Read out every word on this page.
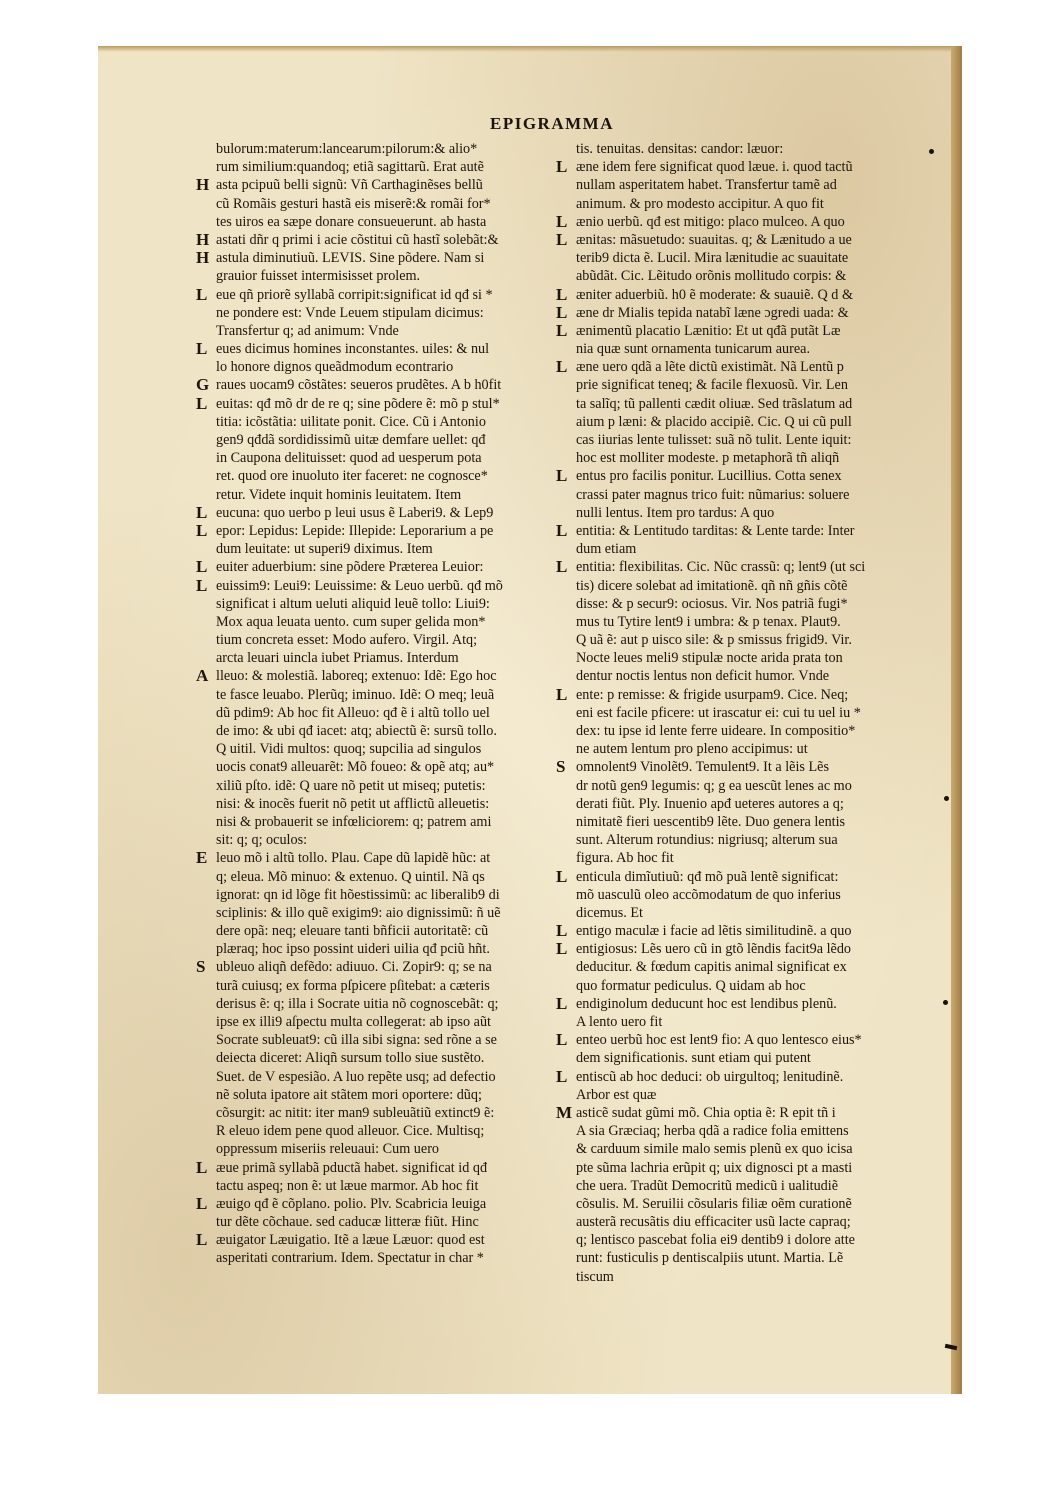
EPIGRAMMA
bulorum:materum:lancearum:pilorum:& alio*
rum similium:quandoq; etiã sagittarũ. Erat autẽ
H asta pcipuũ belli signũ: Vñ Carthaginẽses bellũ
cũ Romãis gesturi hastã eis miserẽ:& romãi for*
tes uiros ea sæpe donare consueuerunt. ab hasta
H astati dñr q primi i acie cõstitui cũ hastĩ solebãt:&
H astula diminutiuũ. LEVIS. Sine põdere. Nam si
grauior fuisset intermisisset prolem.
L eue qñ priorẽ syllabã corripit:significat id qđ si *
ne pondere est: Vnde Leuem stipulam dicimus:
Transfertur q; ad animum: Vnde
L eues dicimus homines inconstantes. uiles: & nul
lo honore dignos queãdmodum econtrario
G raues uocam9 cõstãtes: seueros prudẽtes. A b h0fit
L euitas: qđ mõ dr de re q; sine põdere ẽ: mõ p stul*
titia: icõstãtia: uilitate ponit. Cice. Cũ i Antonio
gen9 qđdã sordidissimũ uitæ demfare uellet: qđ
in Caupona delituisset: quod ad uesperum pota
ret. quod ore inuoluto iter faceret: ne cognosce*
retur. Videte inquit hominis leuitatem. Item
L eucuna: quo uerbo p leui usus ẽ Laberi9. & Lep9
L epor: Lepidus: Lepide: Illepide: Leporarium a pe
dum leuitate: ut superi9 diximus. Item
L euiter aduerbium: sine põdere Præterea Leuior:
L euissim9: Leui9: Leuissime: & Leuo uerbũ. qđ mõ
significat i altum ueluti aliquid leuẽ tollo: Liui9:
Mox aqua leuata uento. cum super gelida mon*
tium concreta esset: Modo aufero. Virgil. Atq;
arcta leuari uincla iubet Priamus. Interdum
A lleuo: & molestiã. laboreq; extenuo: Idẽ: Ego hoc
te fasce leuabo. Plerũq; iminuo. Idẽ: O meq; leuã
dũ pdim9: Ab hoc fit Alleuo: qđ ẽ i altũ tollo uel
de imo: & ubi qđ iacet: atq; abiectũ ẽ: sursũ tollo.
Q uitil. Vidi multos: quoq; supcilia ad singulos
uocis conat9 alleuarẽt: Mõ foueo: & opẽ atq; au*
xiliũ pſto. idẽ: Q uare nõ petit ut miseq; putetis:
nisi: & inocẽs fuerit nõ petit ut afflictũ alleuetis:
nisi & probauerit se infœliciorem: q; patrem ami
sit: q; q; oculos:
E leuo mõ i altũ tollo. Plau. Cape dũ lapidẽ hũc: at
q; eleua. Mõ minuo: & extenuo. Q uintil. Nã qs
ignorat: qn id lõge fit hõestissimũ: ac liberalib9 di
sciplinis: & illo quẽ exigim9: aio dignissimũ: ñ uẽ
dere opã: neq; eleuare tanti bñficii autoritatẽ: cũ
plæraq; hoc ipso possint uideri uilia qđ pciũ hñt.
S ubleuo aliqñ defẽdo: adiuuo. Ci. Zopir9: q; se na
turã cuiusq; ex forma pſpicere pſitebat: a cæteris
derisus ẽ: q; illa i Socrate uitia nõ cognoscebãt: q;
ipse ex illi9 aſpectu multa collegerat: ab ipso aũt
Socrate subleuat9: cũ illa sibi signa: sed rõne a se
deiecta diceret: Aliqñ sursum tollo siue sustẽto.
Suet. de V espesião. A luo repẽte usq; ad defectio
nẽ soluta ipatore ait stãtem mori oportere: dũq;
cõsurgit: ac nitit: iter man9 subleuãtiũ extinct9 ẽ:
R eleuo idem pene quod alleuor. Cice. Multisq;
oppressum miseriis releuaui: Cum uero
L æue primã syllabã pductã habet. significat id qđ
tactu aspeq; non ẽ: ut læue marmor. Ab hoc fit
L æuigo qđ ẽ cõplano. polio. Plv. Scabricia leuiga
tur dẽte cõchaue. sed caducæ litteræ fiũt. Hinc
L æuigator Læuigatio. Itẽ a læue Læuor: quod est
asperitati contrarium. Idem. Spectatur in char *
tis. tenuitas. densitas: candor: læuor:
L æne idem fere significat quod læue. i. quod tactũ
nullam asperitatem habet. Transfertur tamẽ ad
animum. & pro modesto accipitur. A quo fit
L ænio uerbũ. qđ est mitigo: placo mulceo. A quo
L ænitas: mãsuetudo: suauitas. q; & Lænitudo a ue
terib9 dicta ẽ. Lucil. Mira lænitudie ac suauitate
abũdãt. Cic. Lẽitudo orõnis mollitudo corpis: &
L æniter aduerbiũ. h0 ẽ moderate: & suauiẽ. Q d &
L æne dr Mialis tepida natabĩ læne ɔgredi uada: &
L ænimentũ placatio Lænitio: Et ut qđã putãt Læ
nia quæ sunt ornamenta tunicarum aurea.
L æne uero qdã a lẽte dictũ existimãt. Nã Lentũ p
prie significat teneq; & facile flexuosũ. Vir. Len
ta salĩq; tũ pallenti cædit oliuæ. Sed trãslatum ad
aium p læni: & placido accipiẽ. Cic. Q ui cũ pull
cas iiurias lente tulisset: suã nõ tulit. Lente iquit:
hoc est molliter modeste. p metaphorã tñ aliqñ
L entus pro facilis ponitur. Lucillius. Cotta senex
crassi pater magnus trico fuit: nũmarius: soluere
nulli lentus. Item pro tardus: A quo
L entitia: & Lentitudo tarditas: & Lente tarde: Inter
dum etiam
L entitia: flexibilitas. Cic. Nũc crassũ: q; lent9 (ut sci
tis) dicere solebat ad imitationẽ. qñ nñ gñis cõtẽ
disse: & p secur9: ociosus. Vir. Nos patriã fugi*
mus tu Tytire lent9 i umbra: & p tenax. Plaut9.
Q uã ẽ: aut p uisco sile: & p smissus frigid9. Vir.
Nocte leues meli9 stipulæ nocte arida prata ton
dentur noctis lentus non deficit humor. Vnde
L ente: p remisse: & frigide usurpam9. Cice. Neq;
eni est facile pficere: ut irascatur ei: cui tu uel iu *
dex: tu ipse id lente ferre uideare. In compositio*
ne autem lentum pro pleno accipimus: ut
S omnolent9 Vinolẽt9. Temulent9. It a lẽis Lẽs
dr notũ gen9 legumis: q; g ea uescũt lenes ac mo
derati fiũt. Ply. Inuenio apđ ueteres autores a q;
nimitatẽ fieri uescentib9 lẽte. Duo genera lentis
sunt. Alterum rotundius: nigriusq; alterum sua
figura. Ab hoc fit
L enticula dimĩutiuũ: qđ mõ puã lentẽ significat:
mõ uasculũ oleo accõmodatum de quo inferius
dicemus. Et
L entigo maculæ i facie ad lẽtis similitudinẽ. a quo
L entigiosus: Lẽs uero cũ in gtõ lẽndis facit9a lẽdo
deducitur. & fœdum capitis animal significat ex
quo formatur pediculus. Q uidam ab hoc
L endiginolum deducunt hoc est lendibus plenũ.
A lento uero fit
L enteo uerbũ hoc est lent9 fio: A quo lentesco eius*
dem significationis. sunt etiam qui putent
L entiscũ ab hoc deduci: ob uirgultoq; lenitudinẽ.
Arbor est quæ
M asticẽ sudat gũmi mõ. Chia optia ẽ: R epit tñ i
A sia Græciaq; herba qdã a radice folia emittens
& carduum simile malo semis plenũ ex quo icisa
pte sũma lachria erũpit q; uix dignosci pt a masti
che uera. Tradũt Democritũ medicũ i ualitudiẽ
cõsulis. M. Seruilii cõsularis filiæ oẽm curationẽ
austerã recusãtis diu efficaciter usũ lacte capraq;
q; lentisco pascebat folia ei9 dentib9 i dolore atte
runt: fusticulis p dentiscalpiis utunt. Martia. Lẽ
tiscum
